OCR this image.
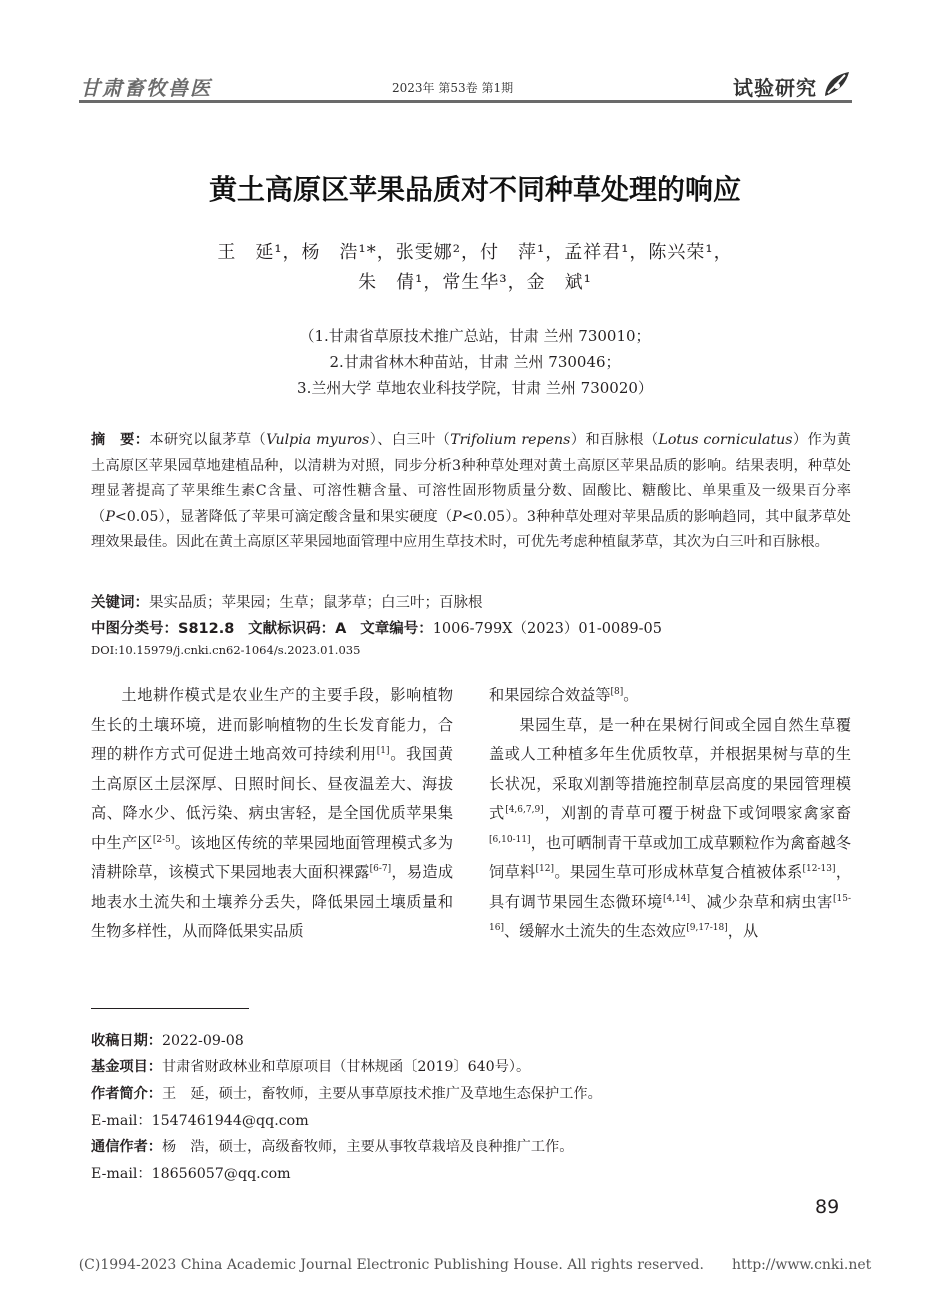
甘肃畜牧兽医	2023年 第53卷 第1期	试验研究
黄土高原区苹果品质对不同种草处理的响应
王　延¹，杨　浩¹*，张雯娜²，付　萍¹，孟祥君¹，陈兴荣¹，
朱　倩¹，常生华³，金　斌¹
（1.甘肃省草原技术推广总站，甘肃 兰州 730010；
2.甘肃省林木种苗站，甘肃 兰州 730046；
3.兰州大学 草地农业科技学院，甘肃 兰州 730020）
摘　要：本研究以鼠茅草（Vulpia myuros）、白三叶（Trifolium repens）和百脉根（Lotus corniculatus）作为黄土高原区苹果园草地建植品种，以清耕为对照，同步分析3种种草处理对黄土高原区苹果品质的影响。结果表明，种草处理显著提高了苹果维生素C含量、可溶性糖含量、可溶性固形物质量分数、固酸比、糖酸比、单果重及一级果百分率（P<0.05），显著降低了苹果可滴定酸含量和果实硬度（P<0.05）。3种种草处理对苹果品质的影响趋同，其中鼠茅草处理效果最佳。因此在黄土高原区苹果园地面管理中应用生草技术时，可优先考虑种植鼠茅草，其次为白三叶和百脉根。
关键词：果实品质；苹果园；生草；鼠茅草；白三叶；百脉根
中图分类号：S812.8 文献标识码：A 文章编号：1006-799X（2023）01-0089-05
DOI:10.15979/j.cnki.cn62-1064/s.2023.01.035

土地耕作模式是农业生产的主要手段，影响植物生长的土壤环境，进而影响植物的生长发育能力，合理的耕作方式可促进土地高效可持续利用[1]。我国黄土高原区土层深厚、日照时间长、昼夜温差大、海拔高、降水少、低污染、病虫害轻，是全国优质苹果集中生产区[2-5]。该地区传统的苹果园地面管理模式多为清耕除草，该模式下果园地表大面积裸露[6-7]，易造成地表水土流失和土壤养分丢失，降低果园土壤质量和生物多样性，从而降低果实品质

和果园综合效益等[8]。

果园生草，是一种在果树行间或全园自然生草覆盖或人工种植多年生优质牧草，并根据果树与草的生长状况，采取刈割等措施控制草层高度的果园管理模式[4,6,7,9]，刈割的青草可覆于树盘下或饲喂家禽家畜[6,10-11]，也可晒制青干草或加工成草颗粒作为禽畜越冬饲草料[12]。果园生草可形成林草复合植被体系[12-13]，具有调节果园生态微环境[4,14]、减少杂草和病虫害[15-16]、缓解水土流失的生态效应[9,17-18]，从

收稿日期：2022-09-08
基金项目：甘肃省财政林业和草原项目（甘林规函〔2019〕640号）。
作者简介：王　延，硕士，畜牧师，主要从事草原技术推广及草地生态保护工作。
E-mail：1547461944@qq.com
通信作者：杨　浩，硕士，高级畜牧师，主要从事牧草栽培及良种推广工作。
E-mail：18656057@qq.com
89
(C)1994-2023 China Academic Journal Electronic Publishing House. All rights reserved.　　http://www.cnki.net
